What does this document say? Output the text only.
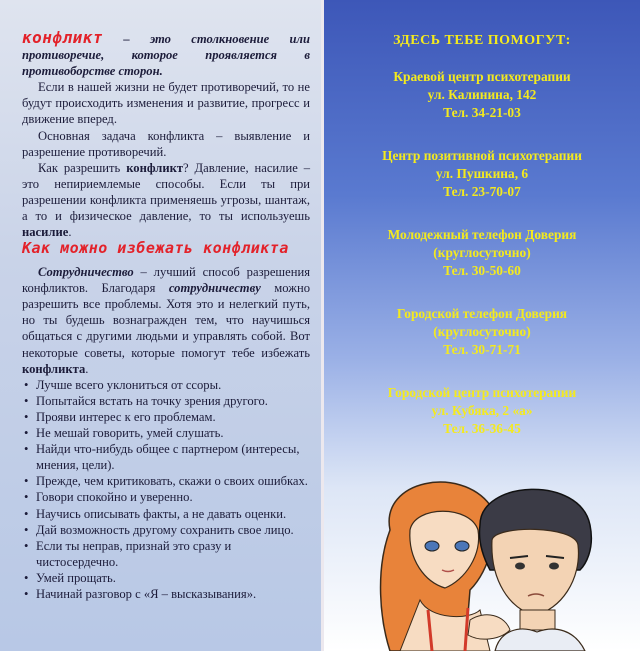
конфликт – это столкновение или противоречие, которое проявляется в противоборстве сторон.

Если в нашей жизни не будет противоречий, то не будут происходить изменения и развитие, прогресс и движение вперед.

Основная задача конфликта – выявление и разрешение противоречий.

Как разрешить конфликт? Давление, насилие – это непириемлемые способы. Если ты при разрешении конфликта применяешь угрозы, шантаж, а то и физическое давление, то ты используешь насилие.

Как можно избежать конфликта

Сотрудничество – лучший способ разрешения конфликтов. Благодаря сотрудничеству можно разрешить все проблемы. Хотя это и нелегкий путь, но ты будешь вознагражден тем, что научишься общаться с другими людьми и управлять собой. Вот некоторые советы, которые помогут тебе избежать конфликта.

• Лучше всего уклониться от ссоры.
• Попытайся встать на точку зрения другого.
• Прояви интерес к его проблемам.
• Не мешай говорить, умей слушать.
• Найди что-нибудь общее с партнером (интересы, мнения, цели).
• Прежде, чем критиковать, скажи о своих ошибках.
• Говори спокойно и уверенно.
• Научись описывать факты, а не давать оценки.
• Дай возможность другому сохранить свое лицо.
• Если ты неправ, признай это сразу и чистосердечно.
• Умей прощать.
• Начинай разговор с «Я – высказывания».
ЗДЕСЬ ТЕБЕ ПОМОГУТ:
Краевой центр психотерапии
ул. Калинина, 142
Тел. 34-21-03
Центр позитивной психотерапии
ул. Пушкина, 6
Тел. 23-70-07
Молодежный телефон Доверия
(круглосуточно)
Тел. 30-50-60
Городской телефон Доверия
(круглосуточно)
Тел. 30-71-71
Городской центр психотерапии
ул. Кубяка, 2 «а»
Тел. 36-36-45
